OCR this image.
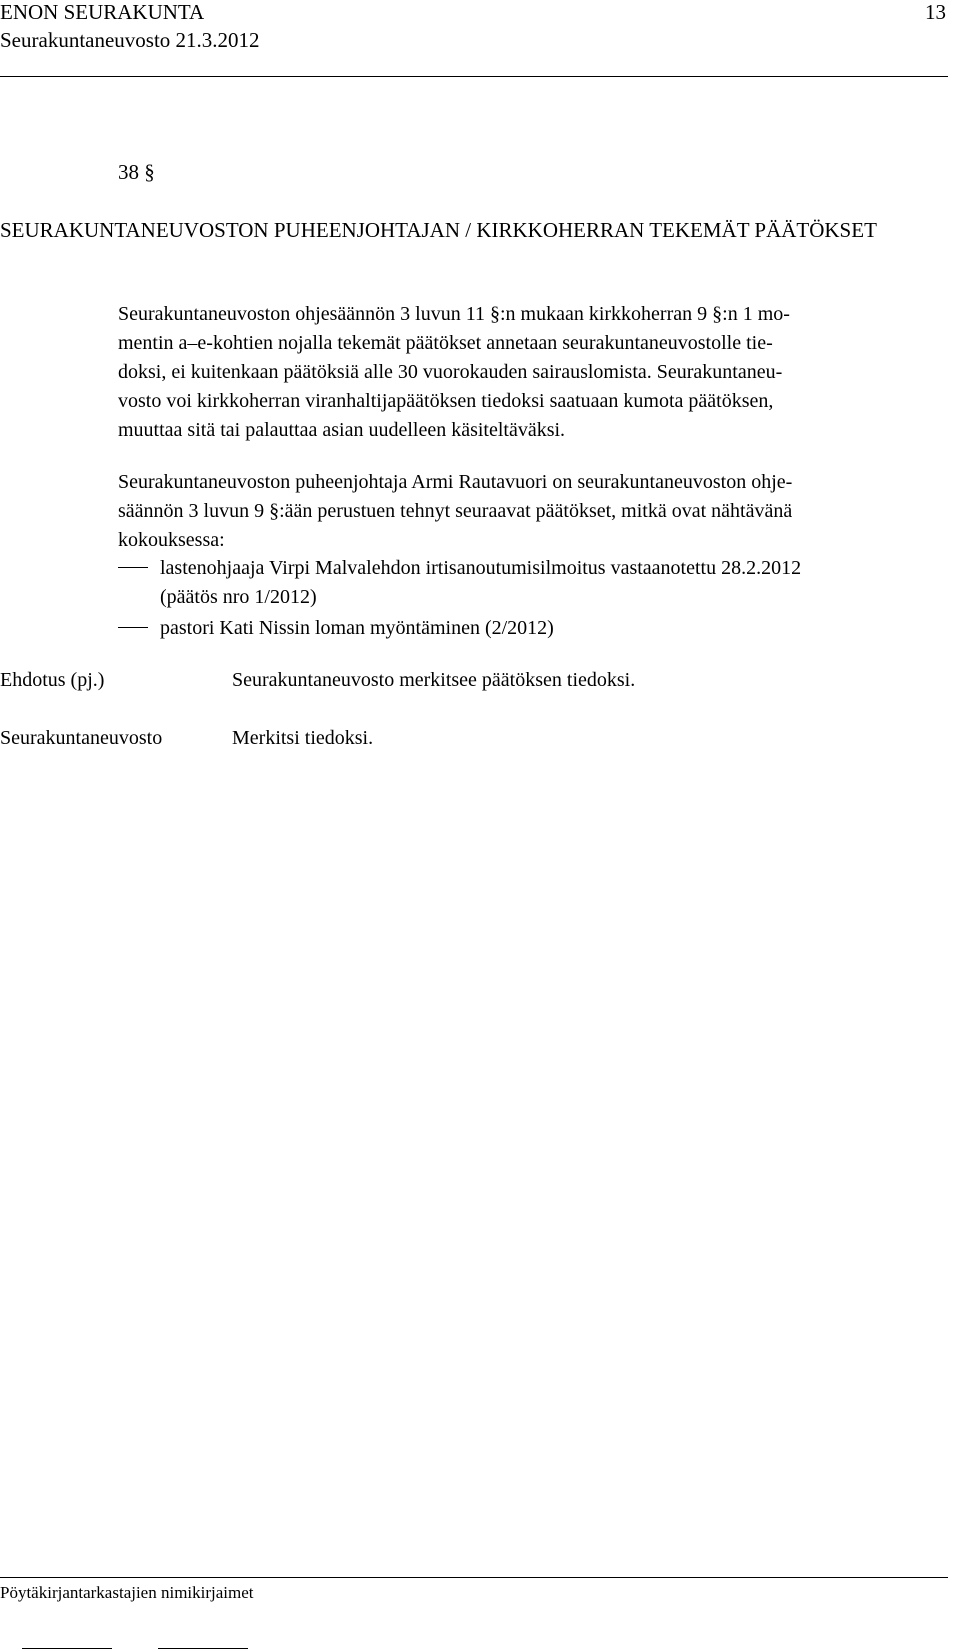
ENON SEURAKUNTA	13
Seurakuntaneuvosto 21.3.2012
38 §
SEURAKUNTANEUVOSTON PUHEENJOHTAJAN / KIRKKOHERRAN TEKEMÄT PÄÄTÖKSET
Seurakuntaneuvoston ohjesäännön 3 luvun 11 §:n mukaan kirkkoherran 9 §:n 1 mo-
mentin a–e-kohtien nojalla tekemät päätökset annetaan seurakuntaneuvostolle tie-
doksi, ei kuitenkaan päätöksiä alle 30 vuorokauden sairauslomista. Seurakuntaneu-
vosto voi kirkkoherran viranhaltijapäätöksen tiedoksi saatuaan kumota päätöksen,
muuttaa sitä tai palauttaa asian uudelleen käsiteltäväksi.
Seurakuntaneuvoston puheenjohtaja Armi Rautavuori on seurakuntaneuvoston ohje-
säännön 3 luvun 9 §:ään perustuen tehnyt seuraavat päätökset, mitkä ovat nähtävänä
kokouksessa:
lastenohjaaja Virpi Malvalehdon irtisanoutumisilmoitus vastaanotettu 28.2.2012
(päätös nro 1/2012)
pastori Kati Nissin loman myöntäminen (2/2012)
Ehdotus (pj.)	Seurakuntaneuvosto merkitsee päätöksen tiedoksi.
Seurakuntaneuvosto	Merkitsi tiedoksi.
Pöytäkirjantarkastajien nimikirjaimet
